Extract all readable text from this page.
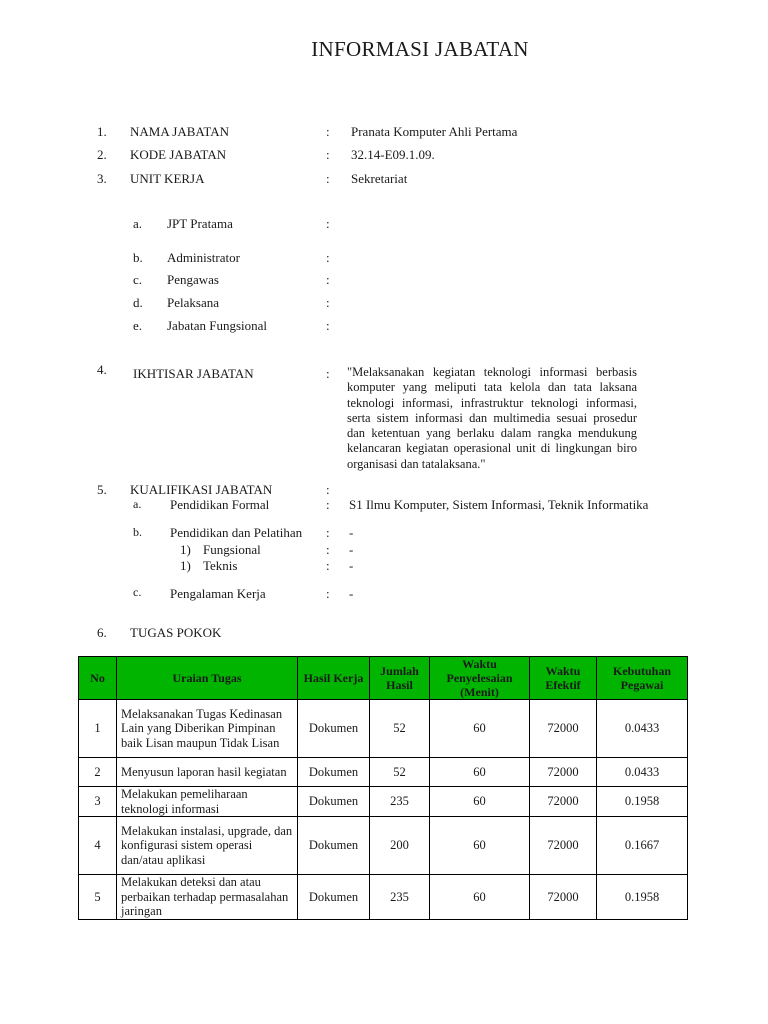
INFORMASI JABATAN
1. NAMA JABATAN	: Pranata Komputer Ahli Pertama
2. KODE JABATAN	: 32.14-E09.1.09.
3. UNIT KERJA	: Sekretariat
a. JPT Pratama	:
b. Administrator	:
c. Pengawas	:
d. Pelaksana	:
e. Jabatan Fungsional	:
4. IKHTISAR JABATAN	: "Melaksanakan kegiatan teknologi informasi berbasis komputer yang meliputi tata kelola dan tata laksana teknologi informasi, infrastruktur teknologi informasi, serta sistem informasi dan multimedia sesuai prosedur dan ketentuan yang berlaku dalam rangka mendukung kelancaran kegiatan operasional unit di lingkungan biro organisasi dan tatalaksana."
5. KUALIFIKASI JABATAN	:
a. Pendidikan Formal	: S1 Ilmu Komputer, Sistem Informasi, Teknik Informatika
b. Pendidikan dan Pelatihan : -
1) Fungsional	: -
1) Teknis	: -
c. Pengalaman Kerja	: -
6. TUGAS POKOK
No	Uraian Tugas	Hasil Kerja	Jumlah Hasil	Waktu Penyelesaian (Menit)	Waktu Efektif	Kebutuhan Pegawai
1	Melaksanakan Tugas Kedinasan Lain yang Diberikan Pimpinan baik Lisan maupun Tidak Lisan	Dokumen	52	60	72000	0.0433
2	Menyusun laporan hasil kegiatan	Dokumen	52	60	72000	0.0433
3	Melakukan pemeliharaan teknologi informasi	Dokumen	235	60	72000	0.1958
4	Melakukan instalasi, upgrade, dan konfigurasi sistem operasi dan/atau aplikasi	Dokumen	200	60	72000	0.1667
5	Melakukan deteksi dan atau perbaikan terhadap permasalahan jaringan	Dokumen	235	60	72000	0.1958
